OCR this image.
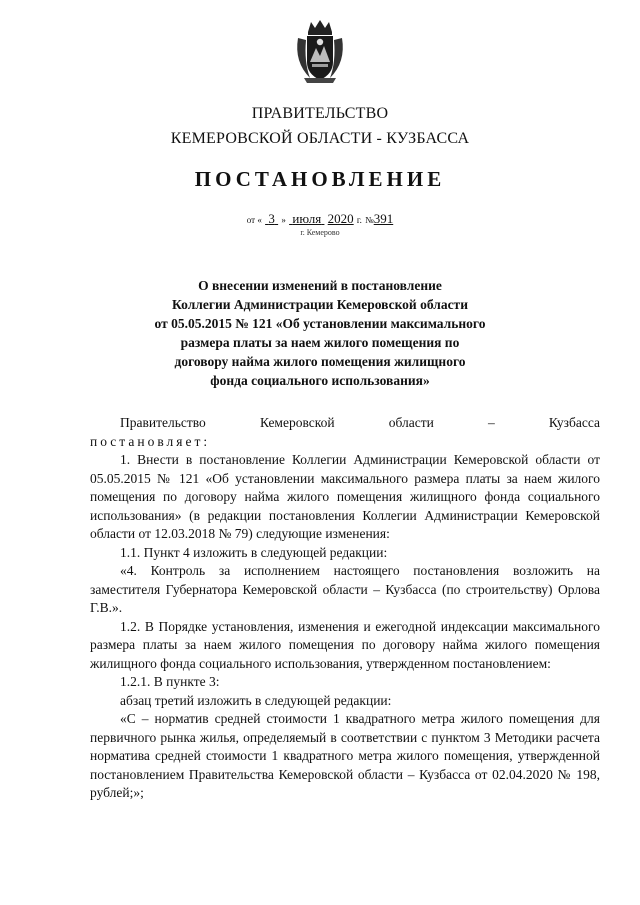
ПРАВИТЕЛЬСТВО
КЕМЕРОВСКОЙ ОБЛАСТИ - КУЗБАССА
ПОСТАНОВЛЕНИЕ
от « 3 » июля 2020 г. №391
г. Кемерово
О внесении изменений в постановление
Коллегии Администрации Кемеровской области
от 05.05.2015 № 121 «Об установлении максимального
размера платы за наем жилого помещения по
договору найма жилого помещения жилищного
фонда социального использования»

Правительство Кемеровской области – Кузбасса

постановляет:

1. Внести в постановление Коллегии Администрации Кемеровской области от 05.05.2015 № 121 «Об установлении максимального размера платы за наем жилого помещения по договору найма жилого помещения жилищного фонда социального использования» (в редакции постановления Коллегии Администрации Кемеровской области от 12.03.2018 № 79) следующие изменения:

1.1. Пункт 4 изложить в следующей редакции:

«4. Контроль за исполнением настоящего постановления возложить на заместителя Губернатора Кемеровской области – Кузбасса (по строительству) Орлова Г.В.».

1.2. В Порядке установления, изменения и ежегодной индексации максимального размера платы за наем жилого помещения по договору найма жилого помещения жилищного фонда социального использования, утвержденном постановлением:

1.2.1. В пункте 3:

абзац третий изложить в следующей редакции:

«С – норматив средней стоимости 1 квадратного метра жилого помещения для первичного рынка жилья, определяемый в соответствии с пунктом 3 Методики расчета норматива средней стоимости 1 квадратного метра жилого помещения, утвержденной постановлением Правительства Кемеровской области – Кузбасса от 02.04.2020 № 198, рублей;»;
